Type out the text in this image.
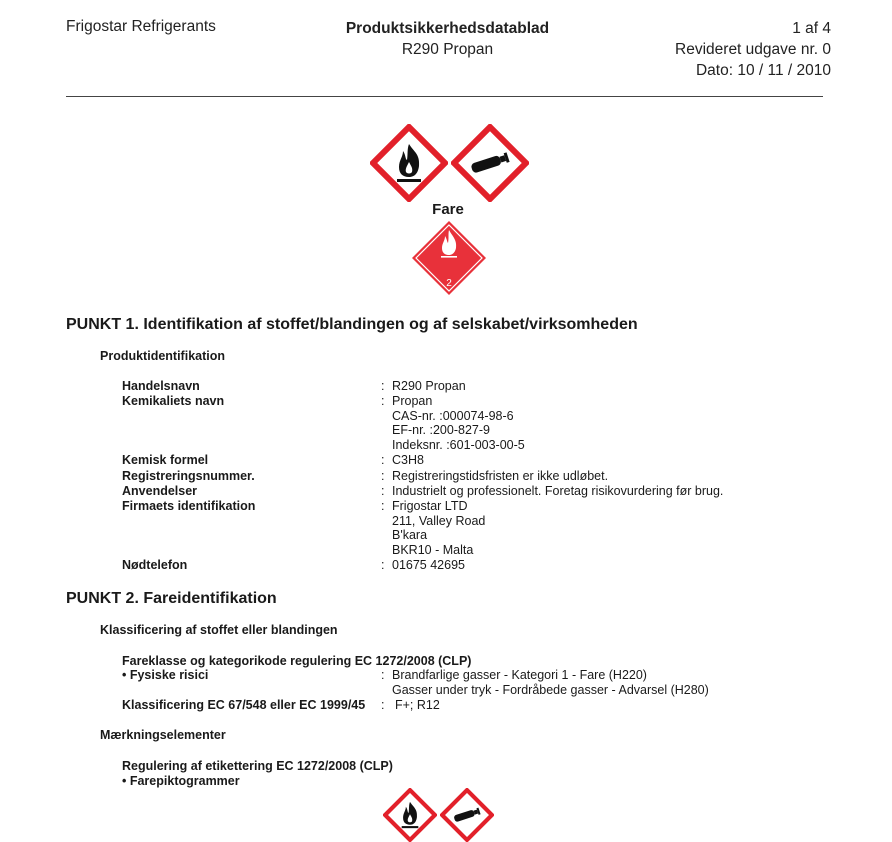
Frigostar Refrigerants	Produktsikkerhedsdatablad
R290 Propan
1 af 4
Revideret udgave nr. 0
Dato: 10 / 11 / 2010
Fare
2
PUNKT 1. Identifikation af stoffet/blandingen og af selskabet/virksomheden
Produktidentifikation
Handelsnavn	: R290 Propan
Kemikaliets navn	: Propan
CAS-nr. :000074-98-6
EF-nr. :200-827-9
Indeksnr. :601-003-00-5
Kemisk formel	: C3H8
Registreringsnummer.	: Registreringstidsfristen er ikke udløbet.
Anvendelser	: Industrielt og professionelt. Foretag risikovurdering før brug.
Firmaets identifikation	: Frigostar LTD
211, Valley Road
B'kara
BKR10 - Malta
Nødtelefon	: 01675 42695
PUNKT 2. Fareidentifikation
Klassificering af stoffet eller blandingen
Fareklasse og kategorikode regulering EC 1272/2008 (CLP)
• Fysiske risici	: Brandfarlige gasser - Kategori 1 - Fare (H220)
Gasser under tryk - Fordråbede gasser - Advarsel (H280)
Klassificering EC 67/548 eller EC 1999/45 : F+; R12
Mærkningselementer
Regulering af etikettering EC 1272/2008 (CLP)
• Farepiktogrammer
